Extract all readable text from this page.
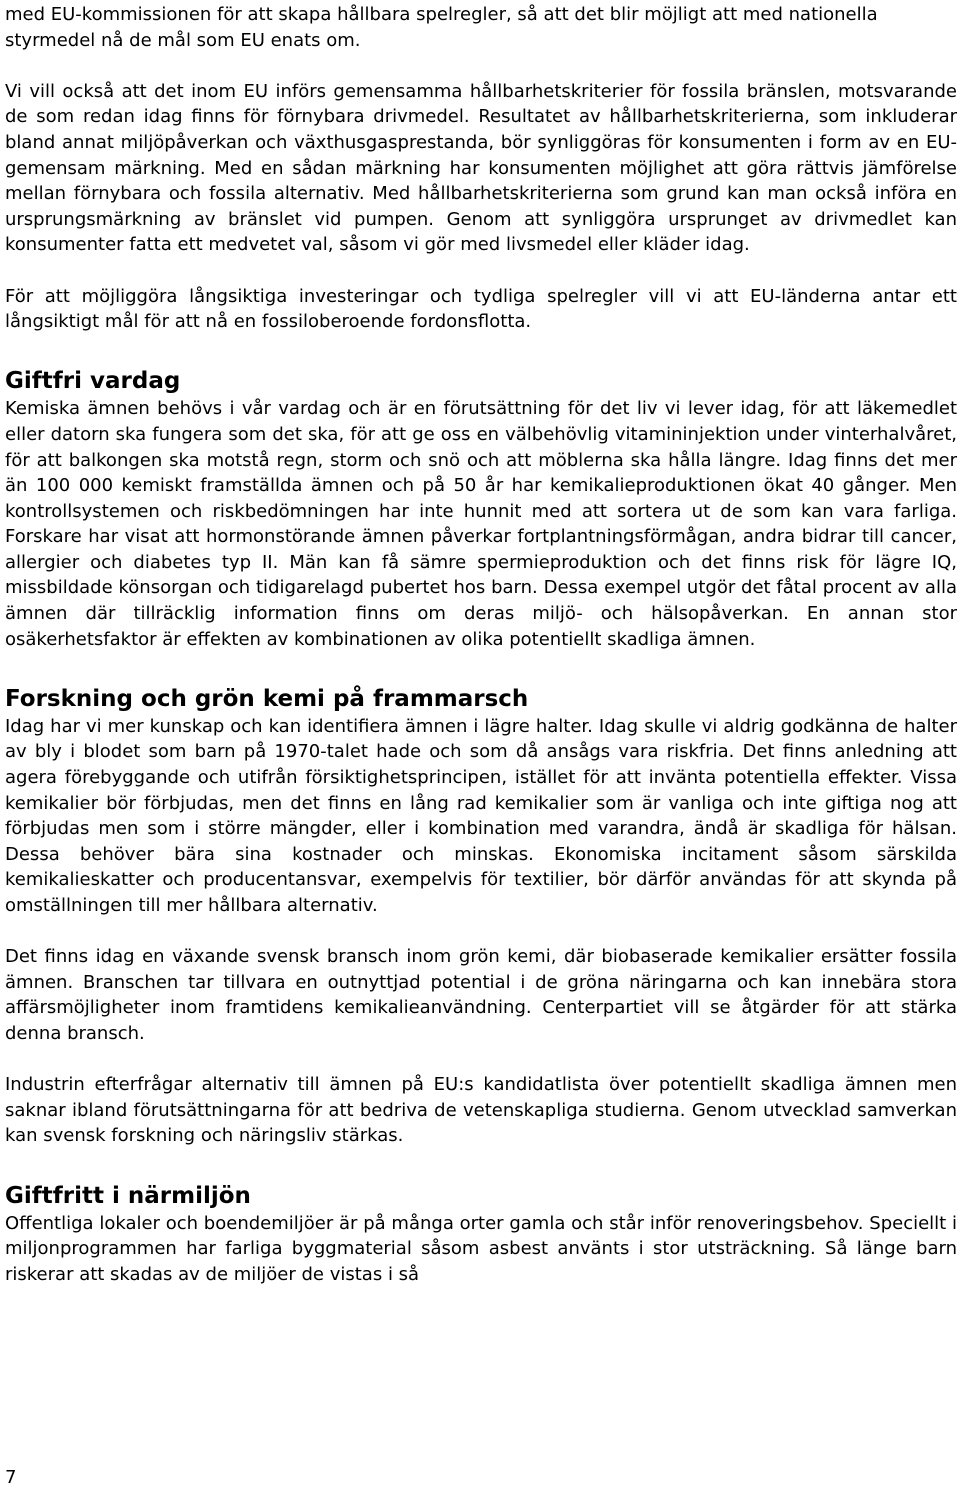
med EU-kommissionen för att skapa hållbara spelregler, så att det blir möjligt att med nationella styrmedel nå de mål som EU enats om.

Vi vill också att det inom EU införs gemensamma hållbarhetskriterier för fossila bränslen, motsvarande de som redan idag finns för förnybara drivmedel. Resultatet av hållbarhetskriterierna, som inkluderar bland annat miljöpåverkan och växthusgasprestanda, bör synliggöras för konsumenten i form av en EU-gemensam märkning. Med en sådan märkning har konsumenten möjlighet att göra rättvis jämförelse mellan förnybara och fossila alternativ. Med hållbarhetskriterierna som grund kan man också införa en ursprungsmärkning av bränslet vid pumpen. Genom att synliggöra ursprunget av drivmedlet kan konsumenter fatta ett medvetet val, såsom vi gör med livsmedel eller kläder idag.

För att möjliggöra långsiktiga investeringar och tydliga spelregler vill vi att EU-länderna antar ett långsiktigt mål för att nå en fossiloberoende fordonsflotta.

Giftfri vardag

Kemiska ämnen behövs i vår vardag och är en förutsättning för det liv vi lever idag, för att läkemedlet eller datorn ska fungera som det ska, för att ge oss en välbehövlig vitamininjektion under vinterhalvåret, för att balkongen ska motstå regn, storm och snö och att möblerna ska hålla längre. Idag finns det mer än 100 000 kemiskt framställda ämnen och på 50 år har kemikalieproduktionen ökat 40 gånger. Men kontrollsystemen och riskbedömningen har inte hunnit med att sortera ut de som kan vara farliga. Forskare har visat att hormonstörande ämnen påverkar fortplantningsförmågan, andra bidrar till cancer, allergier och diabetes typ II. Män kan få sämre spermieproduktion och det finns risk för lägre IQ, missbildade könsorgan och tidigarelagd pubertet hos barn. Dessa exempel utgör det fåtal procent av alla ämnen där tillräcklig information finns om deras miljö- och hälsopåverkan. En annan stor osäkerhetsfaktor är effekten av kombinationen av olika potentiellt skadliga ämnen.

Forskning och grön kemi på frammarsch

Idag har vi mer kunskap och kan identifiera ämnen i lägre halter. Idag skulle vi aldrig godkänna de halter av bly i blodet som barn på 1970-talet hade och som då ansågs vara riskfria. Det finns anledning att agera förebyggande och utifrån försiktighetsprincipen, istället för att invänta potentiella effekter. Vissa kemikalier bör förbjudas, men det finns en lång rad kemikalier som är vanliga och inte giftiga nog att förbjudas men som i större mängder, eller i kombination med varandra, ändå är skadliga för hälsan. Dessa behöver bära sina kostnader och minskas. Ekonomiska incitament såsom särskilda kemikalieskatter och producentansvar, exempelvis för textilier, bör därför användas för att skynda på omställningen till mer hållbara alternativ.

Det finns idag en växande svensk bransch inom grön kemi, där biobaserade kemikalier ersätter fossila ämnen. Branschen tar tillvara en outnyttjad potential i de gröna näringarna och kan innebära stora affärsmöjligheter inom framtidens kemikalieanvändning. Centerpartiet vill se åtgärder för att stärka denna bransch.

Industrin efterfrågar alternativ till ämnen på EU:s kandidatlista över potentiellt skadliga ämnen men saknar ibland förutsättningarna för att bedriva de vetenskapliga studierna. Genom utvecklad samverkan kan svensk forskning och näringsliv stärkas.

Giftfritt i närmiljön

Offentliga lokaler och boendemiljöer är på många orter gamla och står inför renoveringsbehov. Speciellt i miljonprogrammen har farliga byggmaterial såsom asbest använts i stor utsträckning. Så länge barn riskerar att skadas av de miljöer de vistas i så

7
